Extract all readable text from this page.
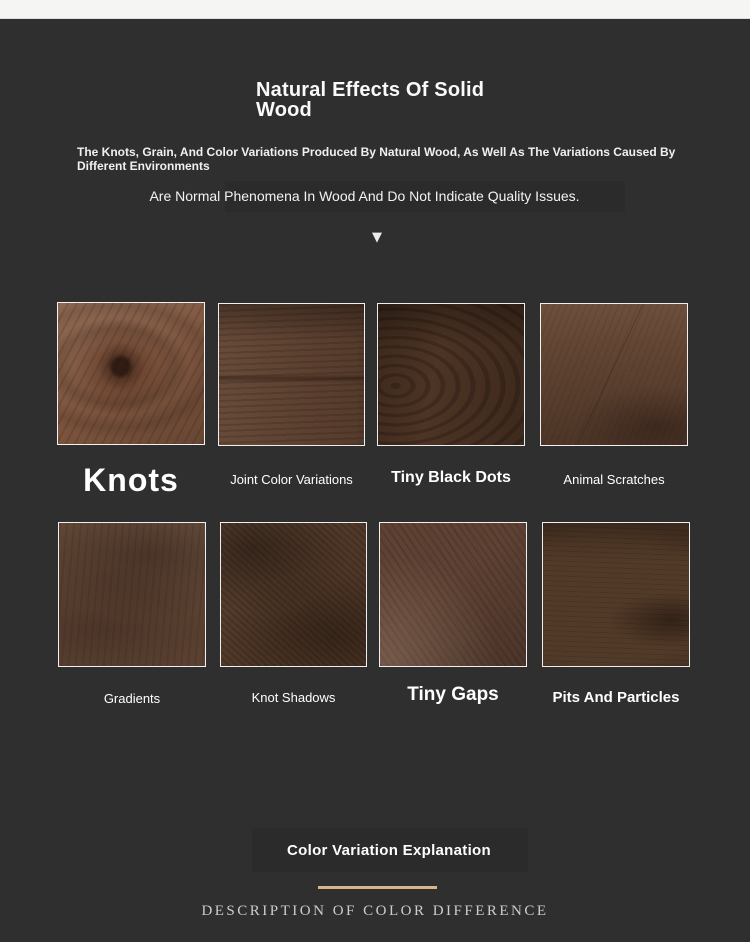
Natural Effects Of Solid
Wood
The Knots, Grain, And Color Variations Produced By Natural Wood, As Well As The Variations Caused By
Different Environments
Are Normal Phenomena In Wood And Do Not Indicate Quality Issues.
▼
Knots	Joint Color Variations	Tiny Black Dots	Animal Scratches
Gradients	Knot Shadows	Tiny Gaps	Pits And Particles
Color Variation Explanation
DESCRIPTION OF COLOR DIFFERENCE
